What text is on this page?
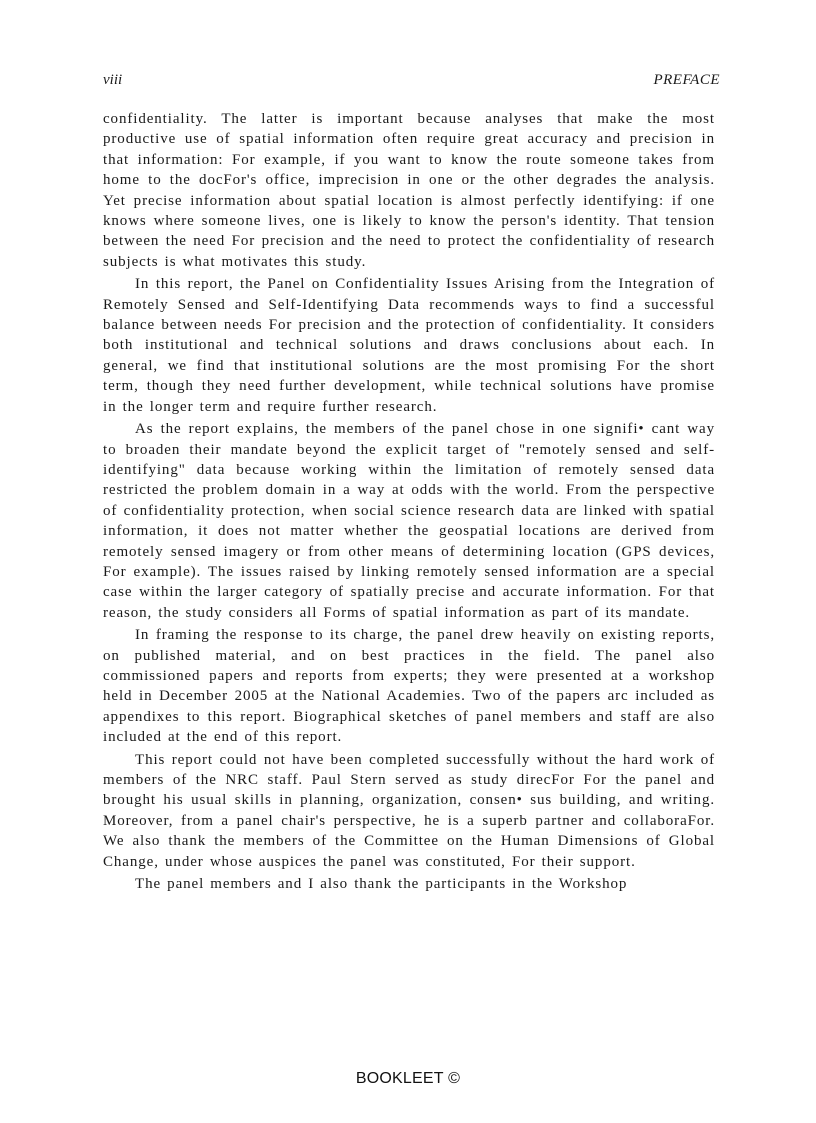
viii	PREFACE

confidentiality. The latter is important because analyses that make the most productive use of spatial information often require great accuracy and precision in that information: For example, if you want to know the route someone takes from home to the docFor's office, imprecision in one or the other degrades the analysis. Yet precise information about spatial location is almost perfectly identifying: if one knows where someone lives, one is likely to know the person's identity. That tension between the need For precision and the need to protect the confidentiality of research subjects is what motivates this study.

In this report, the Panel on Confidentiality Issues Arising from the Integration of Remotely Sensed and Self-Identifying Data recommends ways to find a successful balance between needs For precision and the protection of confidentiality. It considers both institutional and technical solutions and draws conclusions about each. In general, we find that institutional solutions are the most promising For the short term, though they need further development, while technical solutions have promise in the longer term and require further research.

As the report explains, the members of the panel chose in one signifi• cant way to broaden their mandate beyond the explicit target of "remotely sensed and self-identifying" data because working within the limitation of remotely sensed data restricted the problem domain in a way at odds with the world. From the perspective of confidentiality protection, when social science research data are linked with spatial information, it does not matter whether the geospatial locations are derived from remotely sensed imagery or from other means of determining location (GPS devices, For example). The issues raised by linking remotely sensed information are a special case within the larger category of spatially precise and accurate information. For that reason, the study considers all Forms of spatial information as part of its mandate.

In framing the response to its charge, the panel drew heavily on existing reports, on published material, and on best practices in the field. The panel also commissioned papers and reports from experts; they were presented at a workshop held in December 2005 at the National Academies. Two of the papers arc included as appendixes to this report. Biographical sketches of panel members and staff are also included at the end of this report.

This report could not have been completed successfully without the hard work of members of the NRC staff. Paul Stern served as study direcFor For the panel and brought his usual skills in planning, organization, consen• sus building, and writing. Moreover, from a panel chair's perspective, he is a superb partner and collaboraFor. We also thank the members of the Committee on the Human Dimensions of Global Change, under whose auspices the panel was constituted, For their support.

The panel members and I also thank the participants in the Workshop

BOOKLEET ©
